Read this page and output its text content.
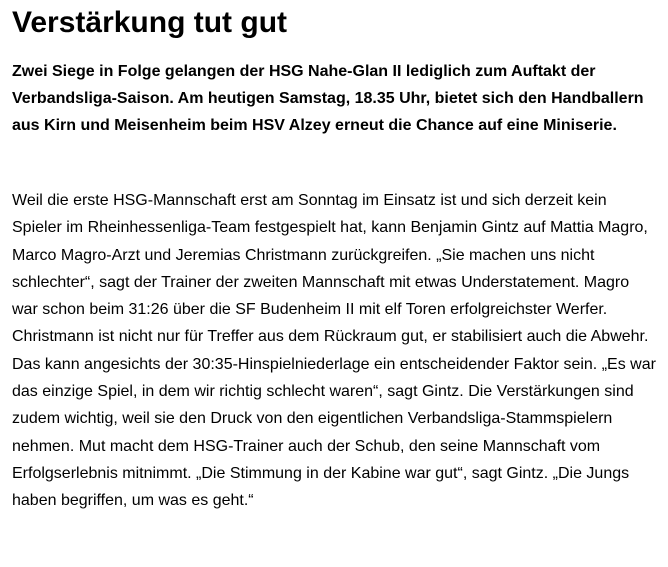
Verstärkung tut gut

Zwei Siege in Folge gelangen der HSG Nahe-Glan II lediglich zum Auftakt der Verbandsliga-Saison. Am heutigen Samstag, 18.35 Uhr, bietet sich den Handballern aus Kirn und Meisenheim beim HSV Alzey erneut die Chance auf eine Miniserie.

Weil die erste HSG-Mannschaft erst am Sonntag im Einsatz ist und sich derzeit kein Spieler im Rheinhessenliga-Team festgespielt hat, kann Benjamin Gintz auf Mattia Magro, Marco Magro-Arzt und Jeremias Christmann zurückgreifen. „Sie machen uns nicht schlechter“, sagt der Trainer der zweiten Mannschaft mit etwas Understatement. Magro war schon beim 31:26 über die SF Budenheim II mit elf Toren erfolgreichster Werfer. Christmann ist nicht nur für Treffer aus dem Rückraum gut, er stabilisiert auch die Abwehr. Das kann angesichts der 30:35-Hinspielniederlage ein entscheidender Faktor sein. „Es war das einzige Spiel, in dem wir richtig schlecht waren“, sagt Gintz. Die Verstärkungen sind zudem wichtig, weil sie den Druck von den eigentlichen Verbandsliga-Stammspielern nehmen. Mut macht dem HSG-Trainer auch der Schub, den seine Mannschaft vom Erfolgserlebnis mitnimmt. „Die Stimmung in der Kabine war gut“, sagt Gintz. „Die Jungs haben begriffen, um was es geht.“
